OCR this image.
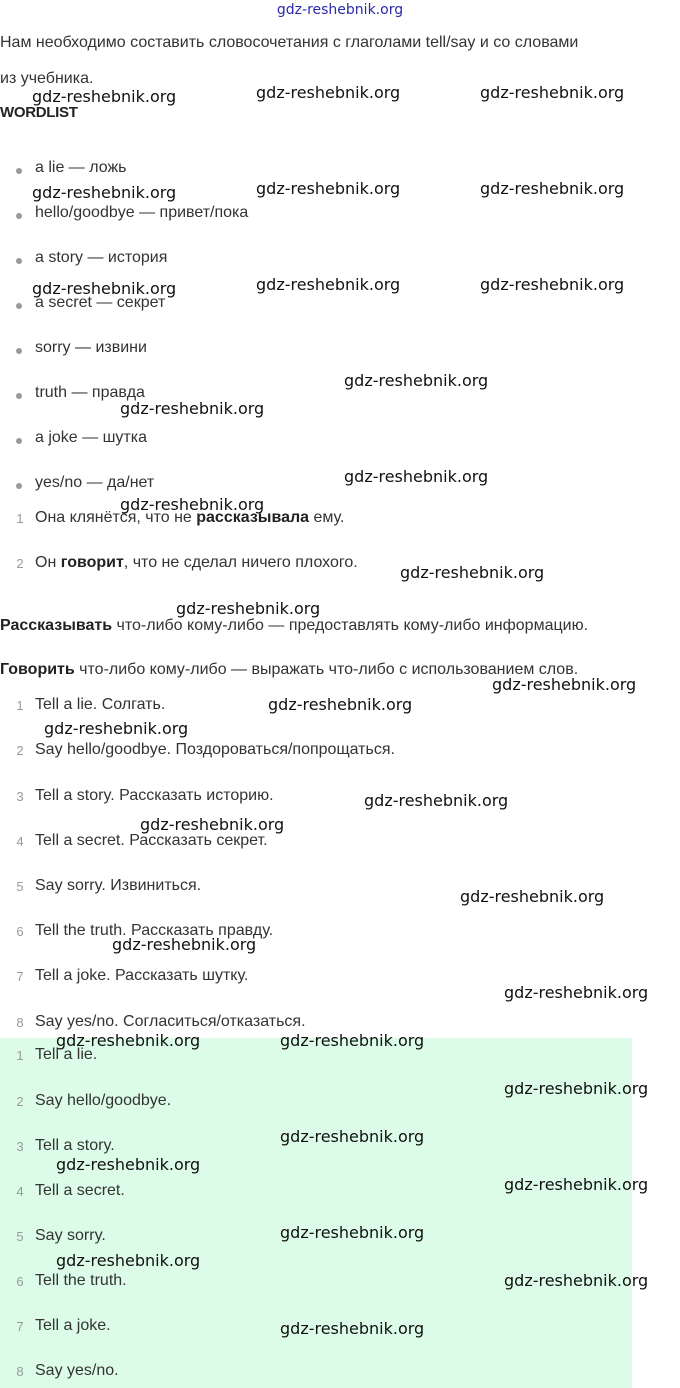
gdz-reshebnik.org
Нам необходимо составить словосочетания с глаголами tell/say и со словами
из учебника.
WORDLIST
a lie — ложь
hello/goodbye — привет/пока
a story — история
a secret — секрет
sorry — извини
truth — правда
a joke — шутка
yes/no — да/нет
1 Она клянётся, что не рассказывала ему.
2 Он говорит, что не сделал ничего плохого.
Рассказывать что-либо кому-либо — предоставлять кому-либо информацию.
Говорить что-либо кому-либо — выражать что-либо с использованием слов.
1 Tell a lie. Солгать.
2 Say hello/goodbye. Поздороваться/попрощаться.
3 Tell a story. Рассказать историю.
4 Tell a secret. Рассказать секрет.
5 Say sorry. Извиниться.
6 Tell the truth. Рассказать правду.
7 Tell a joke. Рассказать шутку.
8 Say yes/no. Согласиться/отказаться.
1 Tell a lie.
2 Say hello/goodbye.
3 Tell a story.
4 Tell a secret.
5 Say sorry.
6 Tell the truth.
7 Tell a joke.
8 Say yes/no.
gdz-reshebnik.org	gdz-reshebnik.org	gdz-reshebnik.org
gdz-reshebnik.org	gdz-reshebnik.org	gdz-reshebnik.org
gdz-reshebnik.org	gdz-reshebnik.org	gdz-reshebnik.org
gdz-reshebnik.org
gdz-reshebnik.org
gdz-reshebnik.org
gdz-reshebnik.org
gdz-reshebnik.org
gdz-reshebnik.org
gdz-reshebnik.org
gdz-reshebnik.org
gdz-reshebnik.org
gdz-reshebnik.org
gdz-reshebnik.org
gdz-reshebnik.org
gdz-reshebnik.org
gdz-reshebnik.org
gdz-reshebnik.org	gdz-reshebnik.org
gdz-reshebnik.org
gdz-reshebnik.org
gdz-reshebnik.org
gdz-reshebnik.org
gdz-reshebnik.org
gdz-reshebnik.org
gdz-reshebnik.org
gdz-reshebnik.org
